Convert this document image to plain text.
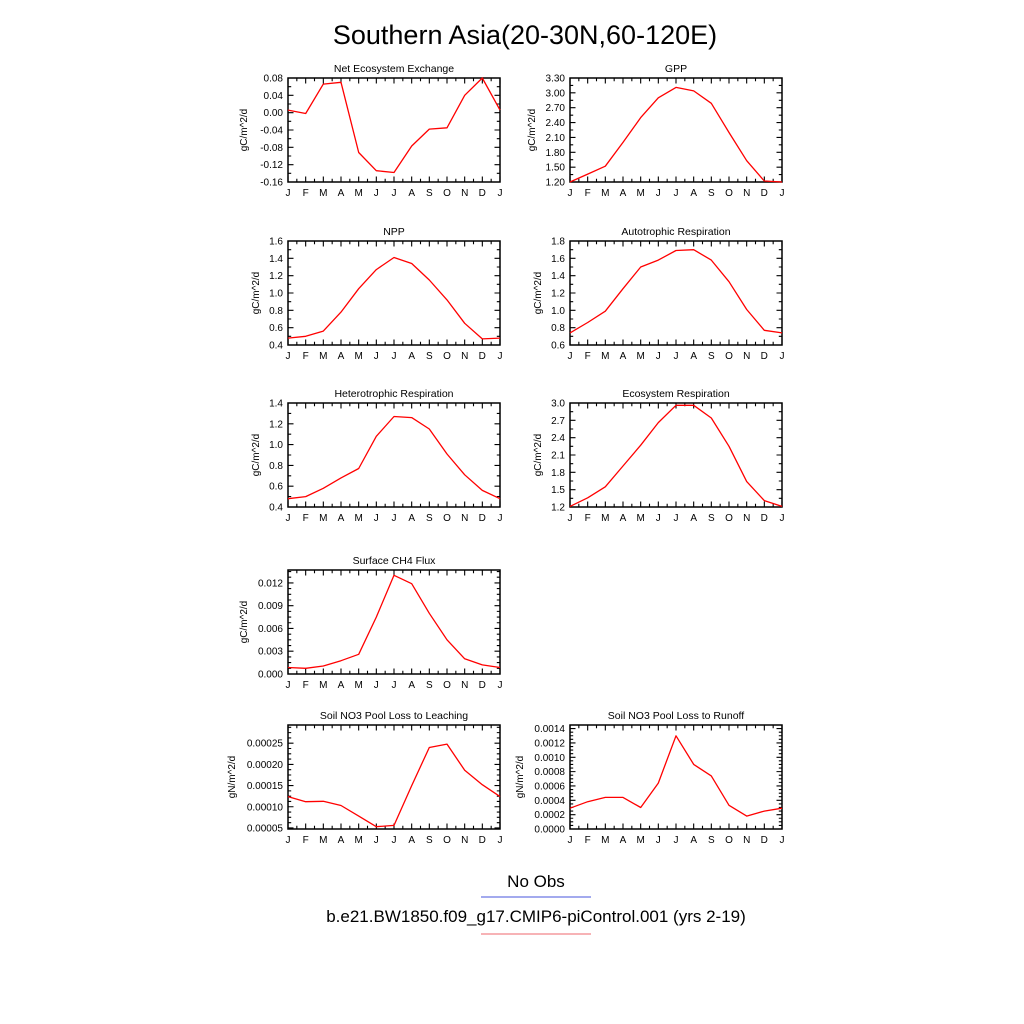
Southern Asia(20-30N,60-120E)
Net Ecosystem Exchange
gC/m^2/d
-0.16
-0.12
-0.08
-0.04
0.00
0.04
0.08
J F M A M J J A S O N D J
GPP
gC/m^2/d
1.20
1.50
1.80
2.10
2.40
2.70
3.00
3.30
J F M A M J J A S O N D J
NPP
gC/m^2/d
0.4
0.6
0.8
1.0
1.2
1.4
1.6
J F M A M J J A S O N D J
Autotrophic Respiration
gC/m^2/d
0.6
0.8
1.0
1.2
1.4
1.6
1.8
J F M A M J J A S O N D J
Heterotrophic Respiration
gC/m^2/d
0.4
0.6
0.8
1.0
1.2
1.4
J F M A M J J A S O N D J
Ecosystem Respiration
gC/m^2/d
1.2
1.5
1.8
2.1
2.4
2.7
3.0
J F M A M J J A S O N D J
Surface CH4 Flux
gC/m^2/d
0.000
0.003
0.006
0.009
0.012
J F M A M J J A S O N D J
Soil NO3 Pool Loss to Leaching
gN/m^2/d
0.00005
0.00010
0.00015
0.00020
0.00025
J F M A M J J A S O N D J
Soil NO3 Pool Loss to Runoff
gN/m^2/d
0.0000
0.0002
0.0004
0.0006
0.0008
0.0010
0.0012
0.0014
J F M A M J J A S O N D J
No Obs
b.e21.BW1850.f09_g17.CMIP6-piControl.001 (yrs 2-19)
